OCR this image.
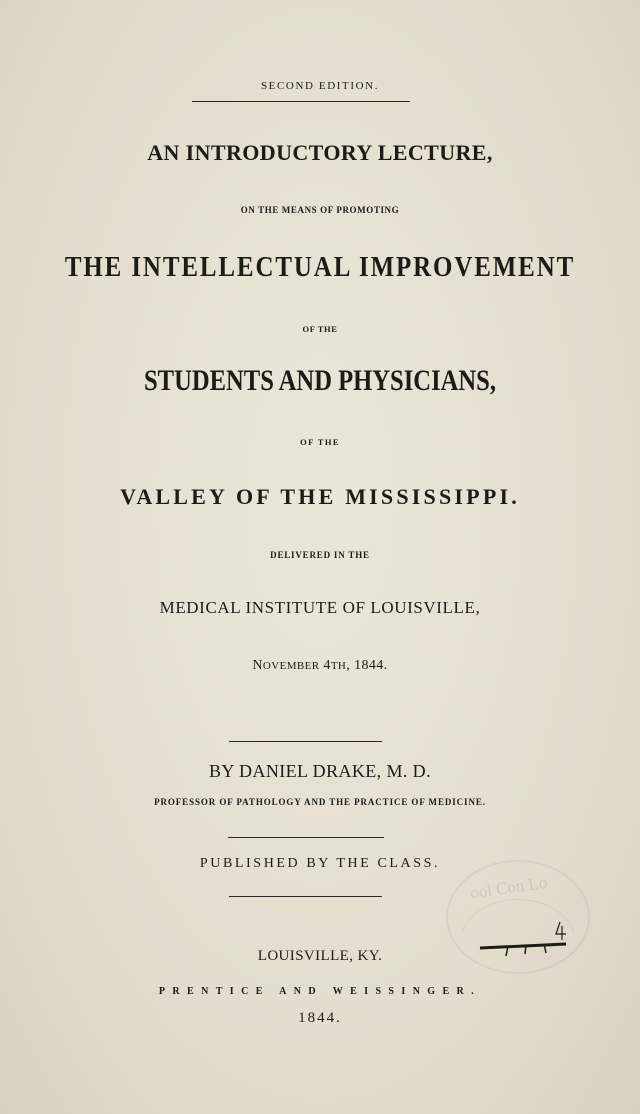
SECOND EDITION.
AN INTRODUCTORY LECTURE,
ON THE MEANS OF PROMOTING
THE INTELLECTUAL IMPROVEMENT
OF THE
STUDENTS AND PHYSICIANS,
OF THE
VALLEY OF THE MISSISSIPPI.
DELIVERED IN THE
MEDICAL INSTITUTE OF LOUISVILLE,
NOVEMBER 4TH, 1844.
BY DANIEL DRAKE, M. D.
PROFESSOR OF PATHOLOGY AND THE PRACTICE OF MEDICINE.
PUBLISHED BY THE CLASS.
ool Con Lo
LOUISVILLE, KY.
PRENTICE AND WEISSINGER.
1844.
